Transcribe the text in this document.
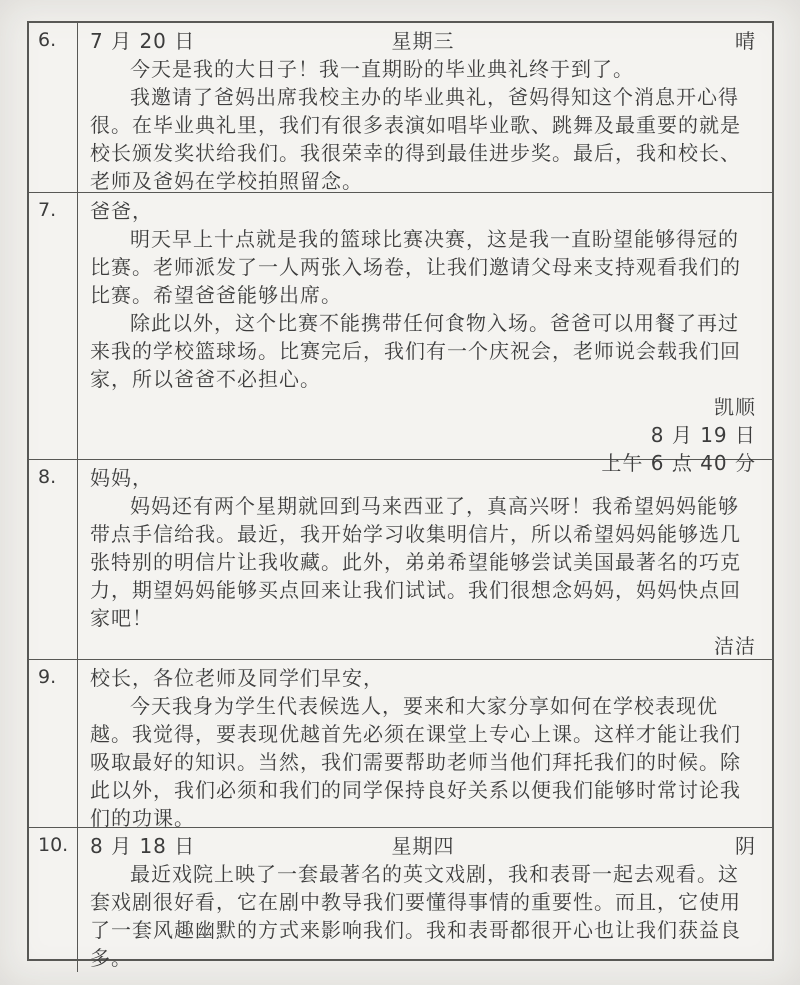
6.	7 月 20 日	星期三	晴

今天是我的大日子！我一直期盼的毕业典礼终于到了。

我邀请了爸妈出席我校主办的毕业典礼，爸妈得知这个消息开心得很。在毕业典礼里，我们有很多表演如唱毕业歌、跳舞及最重要的就是校长颁发奖状给我们。我很荣幸的得到最佳进步奖。最后，我和校长、老师及爸妈在学校拍照留念。

7.	爸爸，

明天早上十点就是我的篮球比赛决赛，这是我一直盼望能够得冠的比赛。老师派发了一人两张入场卷，让我们邀请父母来支持观看我们的比赛。希望爸爸能够出席。

除此以外，这个比赛不能携带任何食物入场。爸爸可以用餐了再过来我的学校篮球场。比赛完后，我们有一个庆祝会，老师说会载我们回家，所以爸爸不必担心。

凯顺

8 月 19 日

上午 6 点 40 分

8.	妈妈，

妈妈还有两个星期就回到马来西亚了，真高兴呀！我希望妈妈能够带点手信给我。最近，我开始学习收集明信片，所以希望妈妈能够选几张特别的明信片让我收藏。此外，弟弟希望能够尝试美国最著名的巧克力，期望妈妈能够买点回来让我们试试。我们很想念妈妈，妈妈快点回家吧！

洁洁

9.	校长，各位老师及同学们早安，

今天我身为学生代表候选人，要来和大家分享如何在学校表现优越。我觉得，要表现优越首先必须在课堂上专心上课。这样才能让我们吸取最好的知识。当然，我们需要帮助老师当他们拜托我们的时候。除此以外，我们必须和我们的同学保持良好关系以便我们能够时常讨论我们的功课。

10.	8 月 18 日	星期四	阴

最近戏院上映了一套最著名的英文戏剧，我和表哥一起去观看。这套戏剧很好看，它在剧中教导我们要懂得事情的重要性。而且，它使用了一套风趣幽默的方式来影响我们。我和表哥都很开心也让我们获益良多。
